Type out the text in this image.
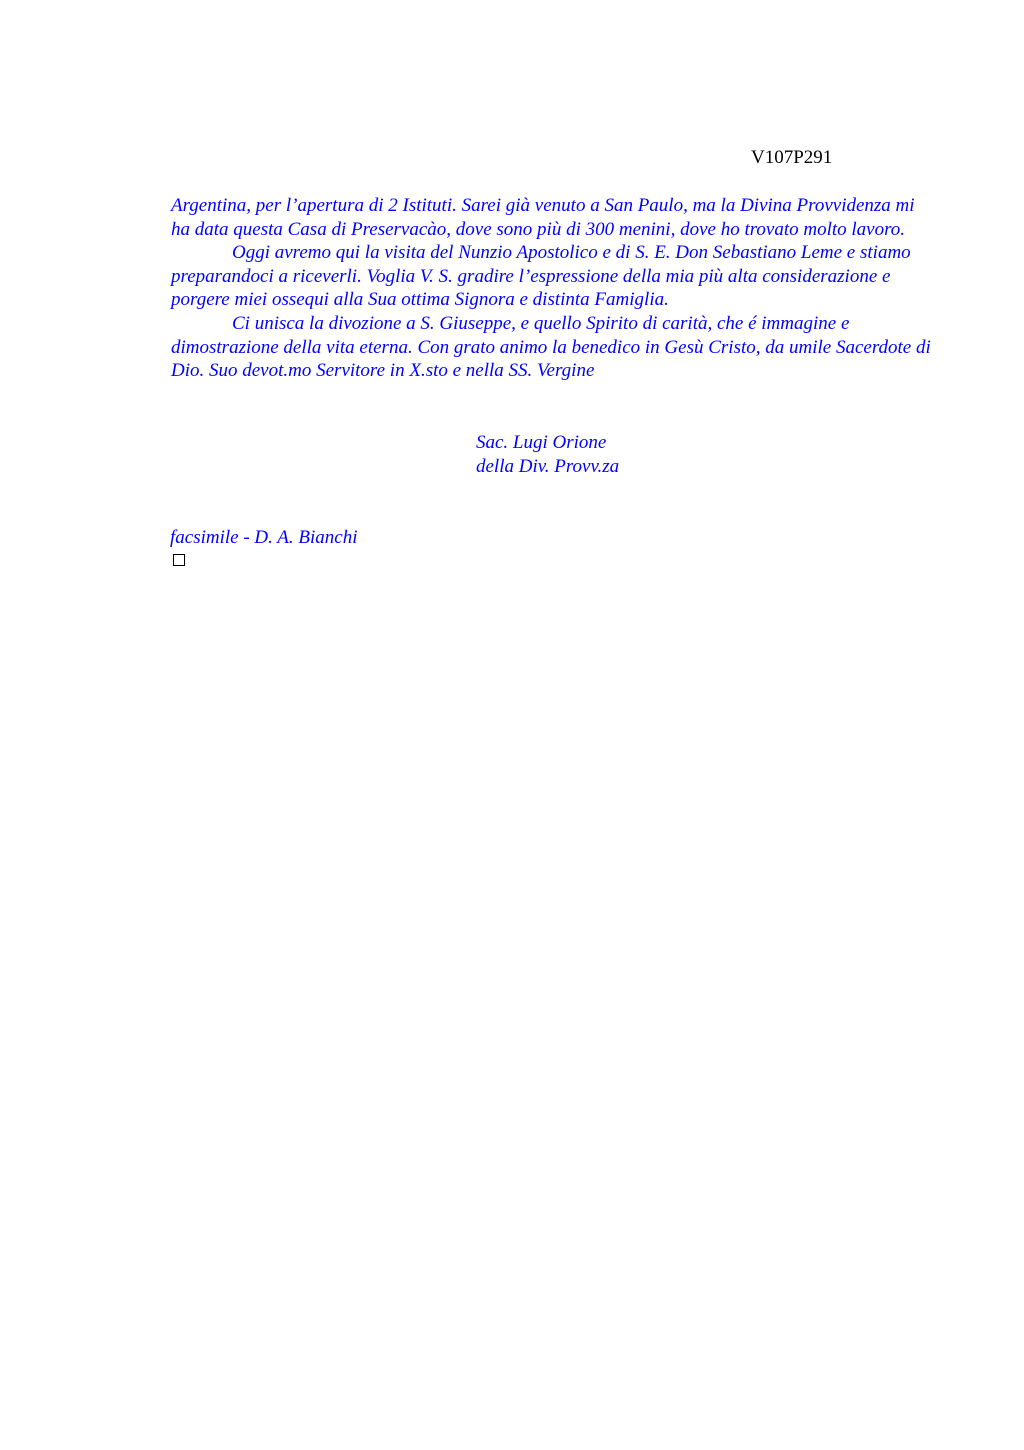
V107P291

Argentina, per l’apertura di 2 Istituti. Sarei già venuto a San Paulo, ma la Divina Provvidenza mi ha data questa Casa di Preservacào, dove sono più di 300 menini, dove ho trovato molto lavoro.

Oggi avremo qui la visita del Nunzio Apostolico e di S. E. Don Sebastiano Leme e stiamo preparandoci a riceverli. Voglia V. S. gradire l’espressione della mia più alta considerazione e porgere miei ossequi alla Sua ottima Signora e distinta Famiglia.

Ci unisca la divozione a S. Giuseppe, e quello Spirito di carità, che é immagine e dimostrazione della vita eterna. Con grato animo la benedico in Gesù Cristo, da umile Sacerdote di Dio. Suo devot.mo Servitore in X.sto e nella SS. Vergine

Sac. Lugi Orione
della Div. Provv.za
facsimile - D. A. Bianchi
